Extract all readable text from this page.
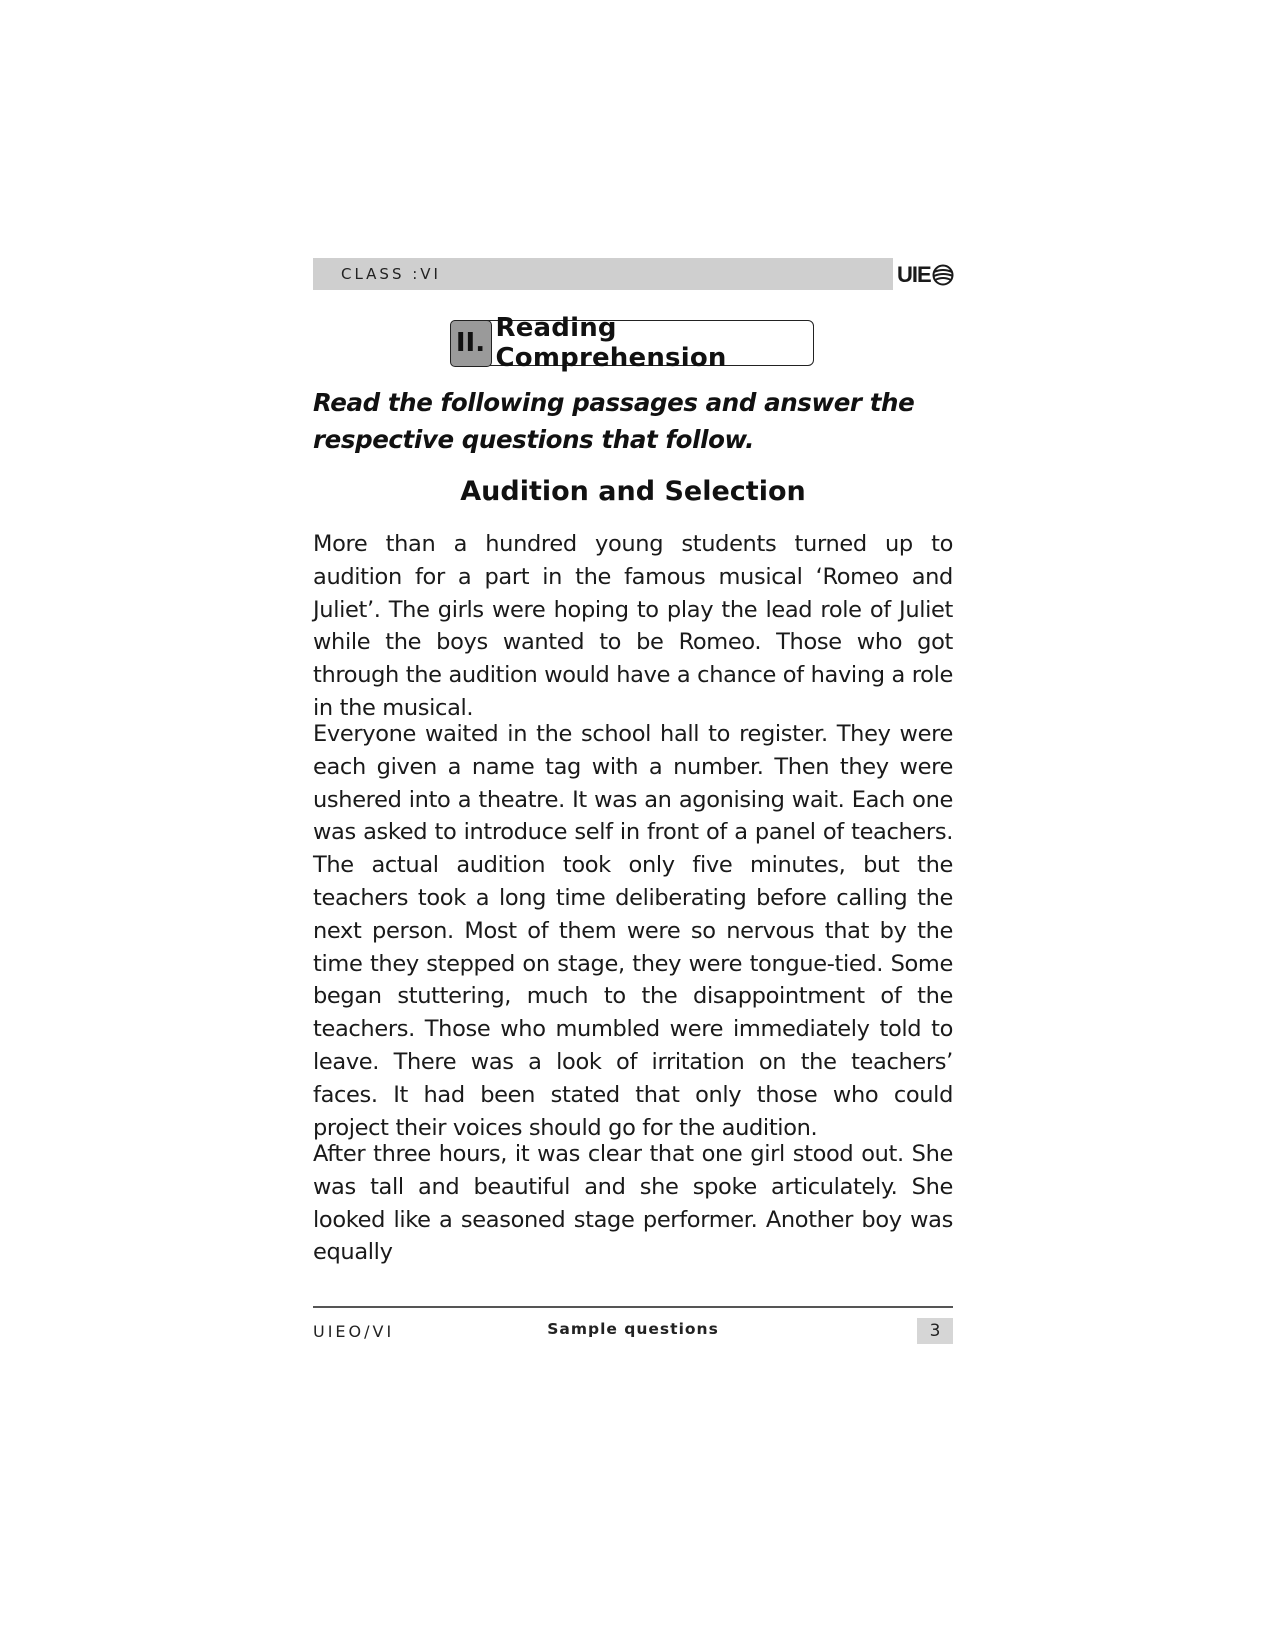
CLASS :VI	UIE
II. Reading Comprehension
Read the following passages and answer the respective questions that follow.
Audition and Selection
More than a hundred young students turned up to audition for a part in the famous musical ‘Romeo and Juliet’. The girls were hoping to play the lead role of Juliet while the boys wanted to be Romeo. Those who got through the audition would have a chance of having a role in the musical.
Everyone waited in the school hall to register. They were each given a name tag with a number. Then they were ushered into a theatre. It was an agonising wait. Each one was asked to introduce self in front of a panel of teachers. The actual audition took only five minutes, but the teachers took a long time deliberating before calling the next person. Most of them were so nervous that by the time they stepped on stage, they were tongue-tied. Some began stuttering, much to the disappointment of the teachers. Those who mumbled were immediately told to leave. There was a look of irritation on the teachers’ faces. It had been stated that only those who could project their voices should go for the audition.
After three hours, it was clear that one girl stood out. She was tall and beautiful and she spoke articulately. She looked like a seasoned stage performer. Another boy was equally
UIEO/VI	Sample questions	3
